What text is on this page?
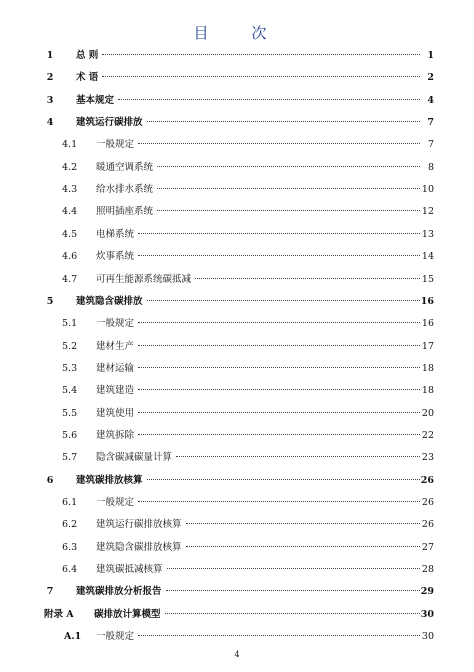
目　次
1 总 则	1
2 术 语	2
3 基本规定	4
4 建筑运行碳排放	7
4.1 一般规定	7
4.2 暖通空调系统	8
4.3 给水排水系统	10
4.4 照明插座系统	12
4.5 电梯系统	13
4.6 炊事系统	14
4.7 可再生能源系统碳抵减	15
5 建筑隐含碳排放	16
5.1 一般规定	16
5.2 建材生产	17
5.3 建材运输	18
5.4 建筑建造	18
5.5 建筑使用	20
5.6 建筑拆除	22
5.7 隐含碳减碳量计算	23
6 建筑碳排放核算	26
6.1 一般规定	26
6.2 建筑运行碳排放核算	26
6.3 建筑隐含碳排放核算	27
6.4 建筑碳抵减核算	28
7 建筑碳排放分析报告	29
附录 A 碳排放计算模型	30
A.1 一般规定	30
4
